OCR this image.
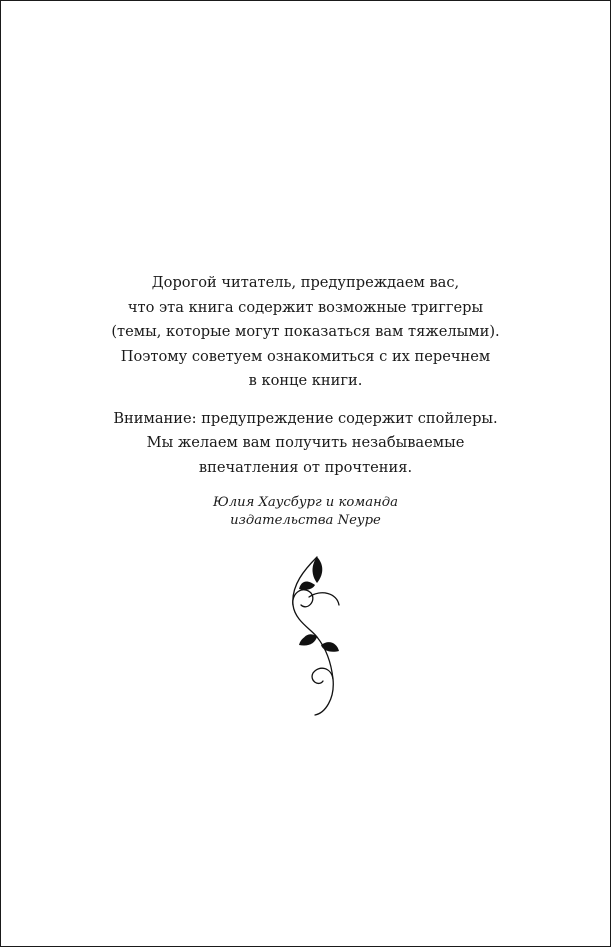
Дорогой читатель, предупреждаем вас,
что эта книга содержит возможные триггеры
(темы, которые могут показаться вам тяжелыми).
Поэтому советуем ознакомиться с их перечнем
в конце книги.

Внимание: предупреждение содержит спойлеры.
Мы желаем вам получить незабываемые
впечатления от прочтения.

Юлия Хаусбург и команда
издательства Neуре
